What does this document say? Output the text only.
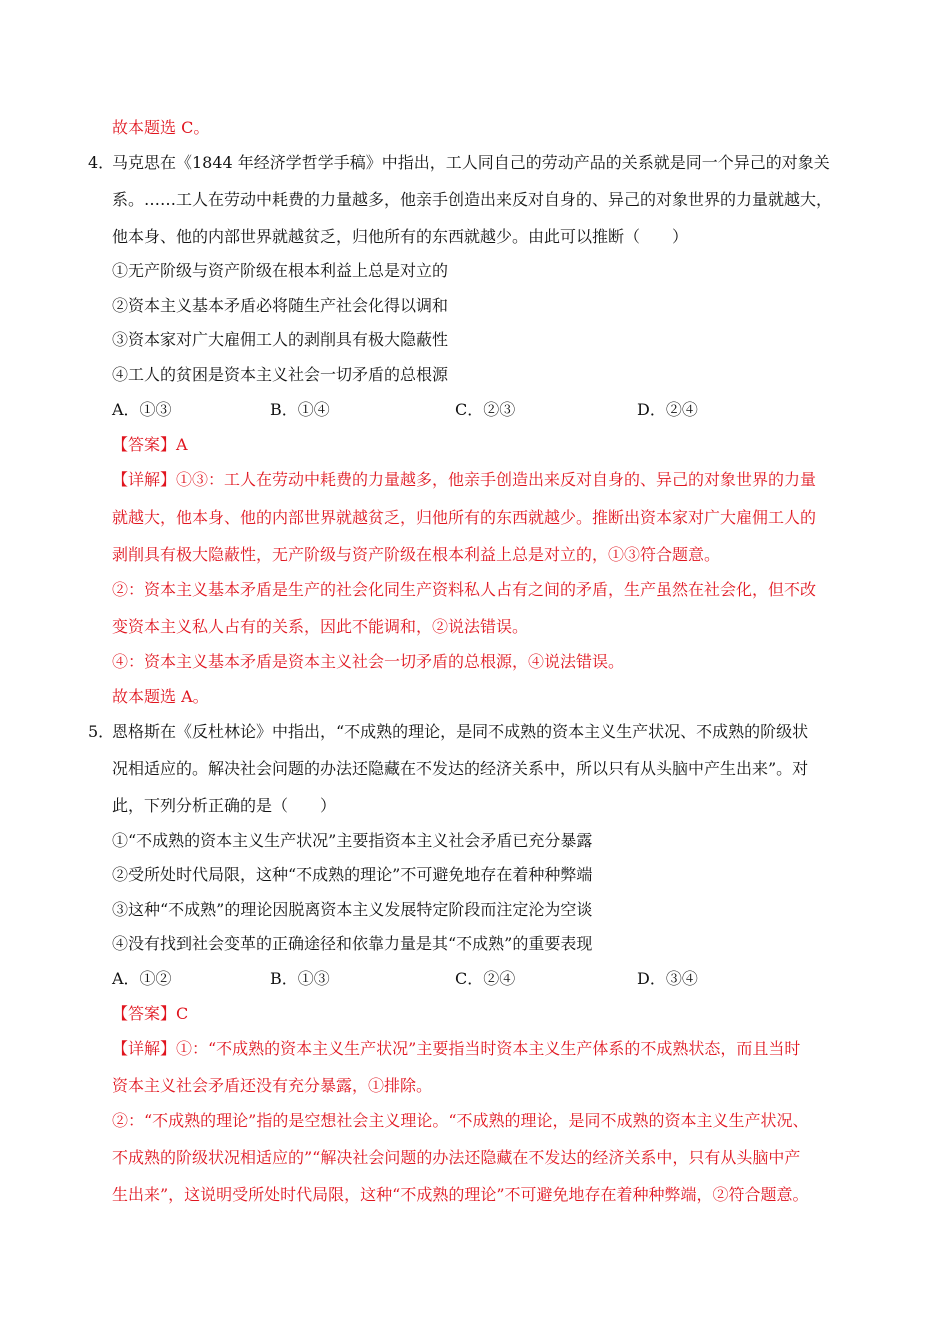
故本题选 C。
4．
马克思在《1844 年经济学哲学手稿》中指出，工人同自己的劳动产品的关系就是同一个异己的对象关
系。……工人在劳动中耗费的力量越多，他亲手创造出来反对自身的、异己的对象世界的力量就越大，
他本身、他的内部世界就越贫乏，归他所有的东西就越少。由此可以推断（　　）
①无产阶级与资产阶级在根本利益上总是对立的
②资本主义基本矛盾必将随生产社会化得以调和
③资本家对广大雇佣工人的剥削具有极大隐蔽性
④工人的贫困是资本主义社会一切矛盾的总根源
A．①③	B．①④	C．②③	D．②④
【答案】A
【详解】①③：工人在劳动中耗费的力量越多，他亲手创造出来反对自身的、异己的对象世界的力量
就越大，他本身、他的内部世界就越贫乏，归他所有的东西就越少。推断出资本家对广大雇佣工人的
剥削具有极大隐蔽性，无产阶级与资产阶级在根本利益上总是对立的，①③符合题意。
②：资本主义基本矛盾是生产的社会化同生产资料私人占有之间的矛盾，生产虽然在社会化，但不改
变资本主义私人占有的关系，因此不能调和，②说法错误。
④：资本主义基本矛盾是资本主义社会一切矛盾的总根源，④说法错误。
故本题选 A。
5．
恩格斯在《反杜林论》中指出，“不成熟的理论，是同不成熟的资本主义生产状况、不成熟的阶级状
况相适应的。解决社会问题的办法还隐藏在不发达的经济关系中，所以只有从头脑中产生出来”。对
此，下列分析正确的是（　　）
①“不成熟的资本主义生产状况”主要指资本主义社会矛盾已充分暴露
②受所处时代局限，这种“不成熟的理论”不可避免地存在着种种弊端
③这种“不成熟”的理论因脱离资本主义发展特定阶段而注定沦为空谈
④没有找到社会变革的正确途径和依靠力量是其“不成熟”的重要表现
A．①②	B．①③	C．②④	D．③④
【答案】C
【详解】①：“不成熟的资本主义生产状况”主要指当时资本主义生产体系的不成熟状态，而且当时
资本主义社会矛盾还没有充分暴露，①排除。
②：“不成熟的理论”指的是空想社会主义理论。“不成熟的理论，是同不成熟的资本主义生产状况、
不成熟的阶级状况相适应的”“解决社会问题的办法还隐藏在不发达的经济关系中，只有从头脑中产
生出来”，这说明受所处时代局限，这种“不成熟的理论”不可避免地存在着种种弊端，②符合题意。
